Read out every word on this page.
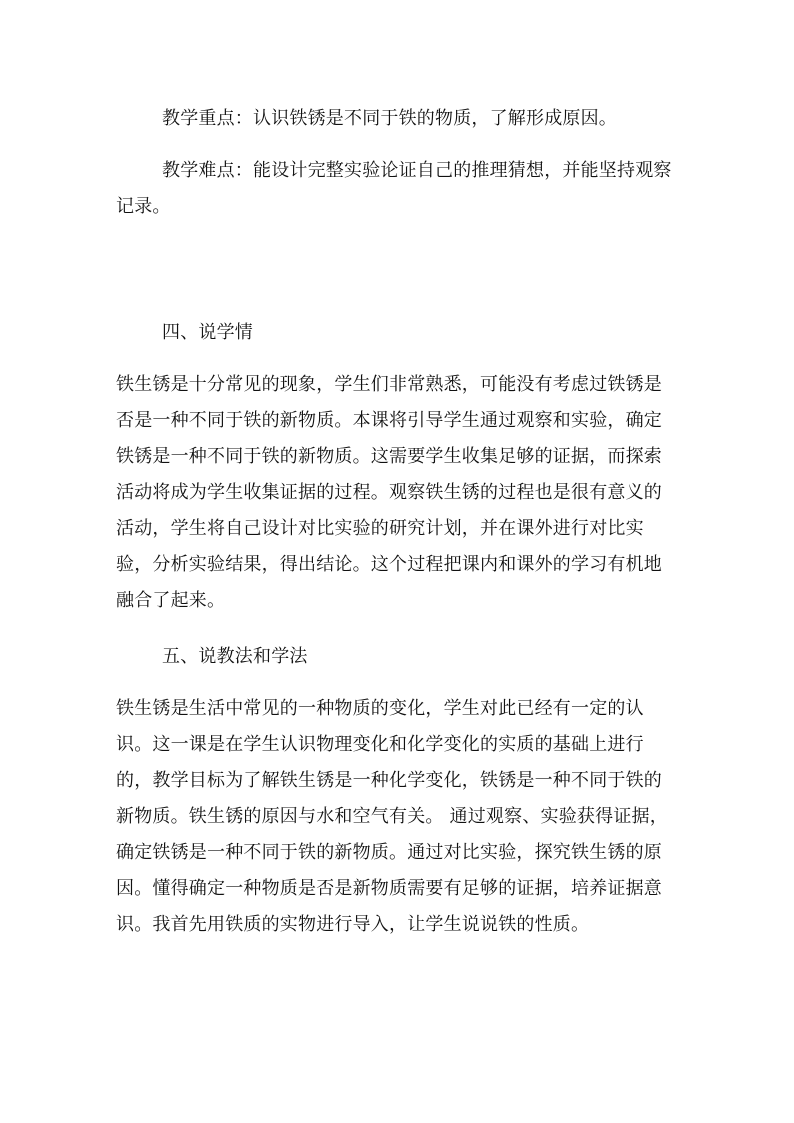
教学重点：认识铁锈是不同于铁的物质，了解形成原因。

教学难点：能设计完整实验论证自己的推理猜想，并能坚持观察记录。

四、说学情

铁生锈是十分常见的现象，学生们非常熟悉，可能没有考虑过铁锈是否是一种不同于铁的新物质。本课将引导学生通过观察和实验，确定铁锈是一种不同于铁的新物质。这需要学生收集足够的证据，而探索活动将成为学生收集证据的过程。观察铁生锈的过程也是很有意义的活动，学生将自己设计对比实验的研究计划，并在课外进行对比实验，分析实验结果，得出结论。这个过程把课内和课外的学习有机地融合了起来。

五、说教法和学法

铁生锈是生活中常见的一种物质的变化，学生对此已经有一定的认识。这一课是在学生认识物理变化和化学变化的实质的基础上进行的，教学目标为了解铁生锈是一种化学变化，铁锈是一种不同于铁的新物质。铁生锈的原因与水和空气有关。 通过观察、实验获得证据，确定铁锈是一种不同于铁的新物质。通过对比实验，探究铁生锈的原因。懂得确定一种物质是否是新物质需要有足够的证据，培养证据意识。我首先用铁质的实物进行导入，让学生说说铁的性质。
